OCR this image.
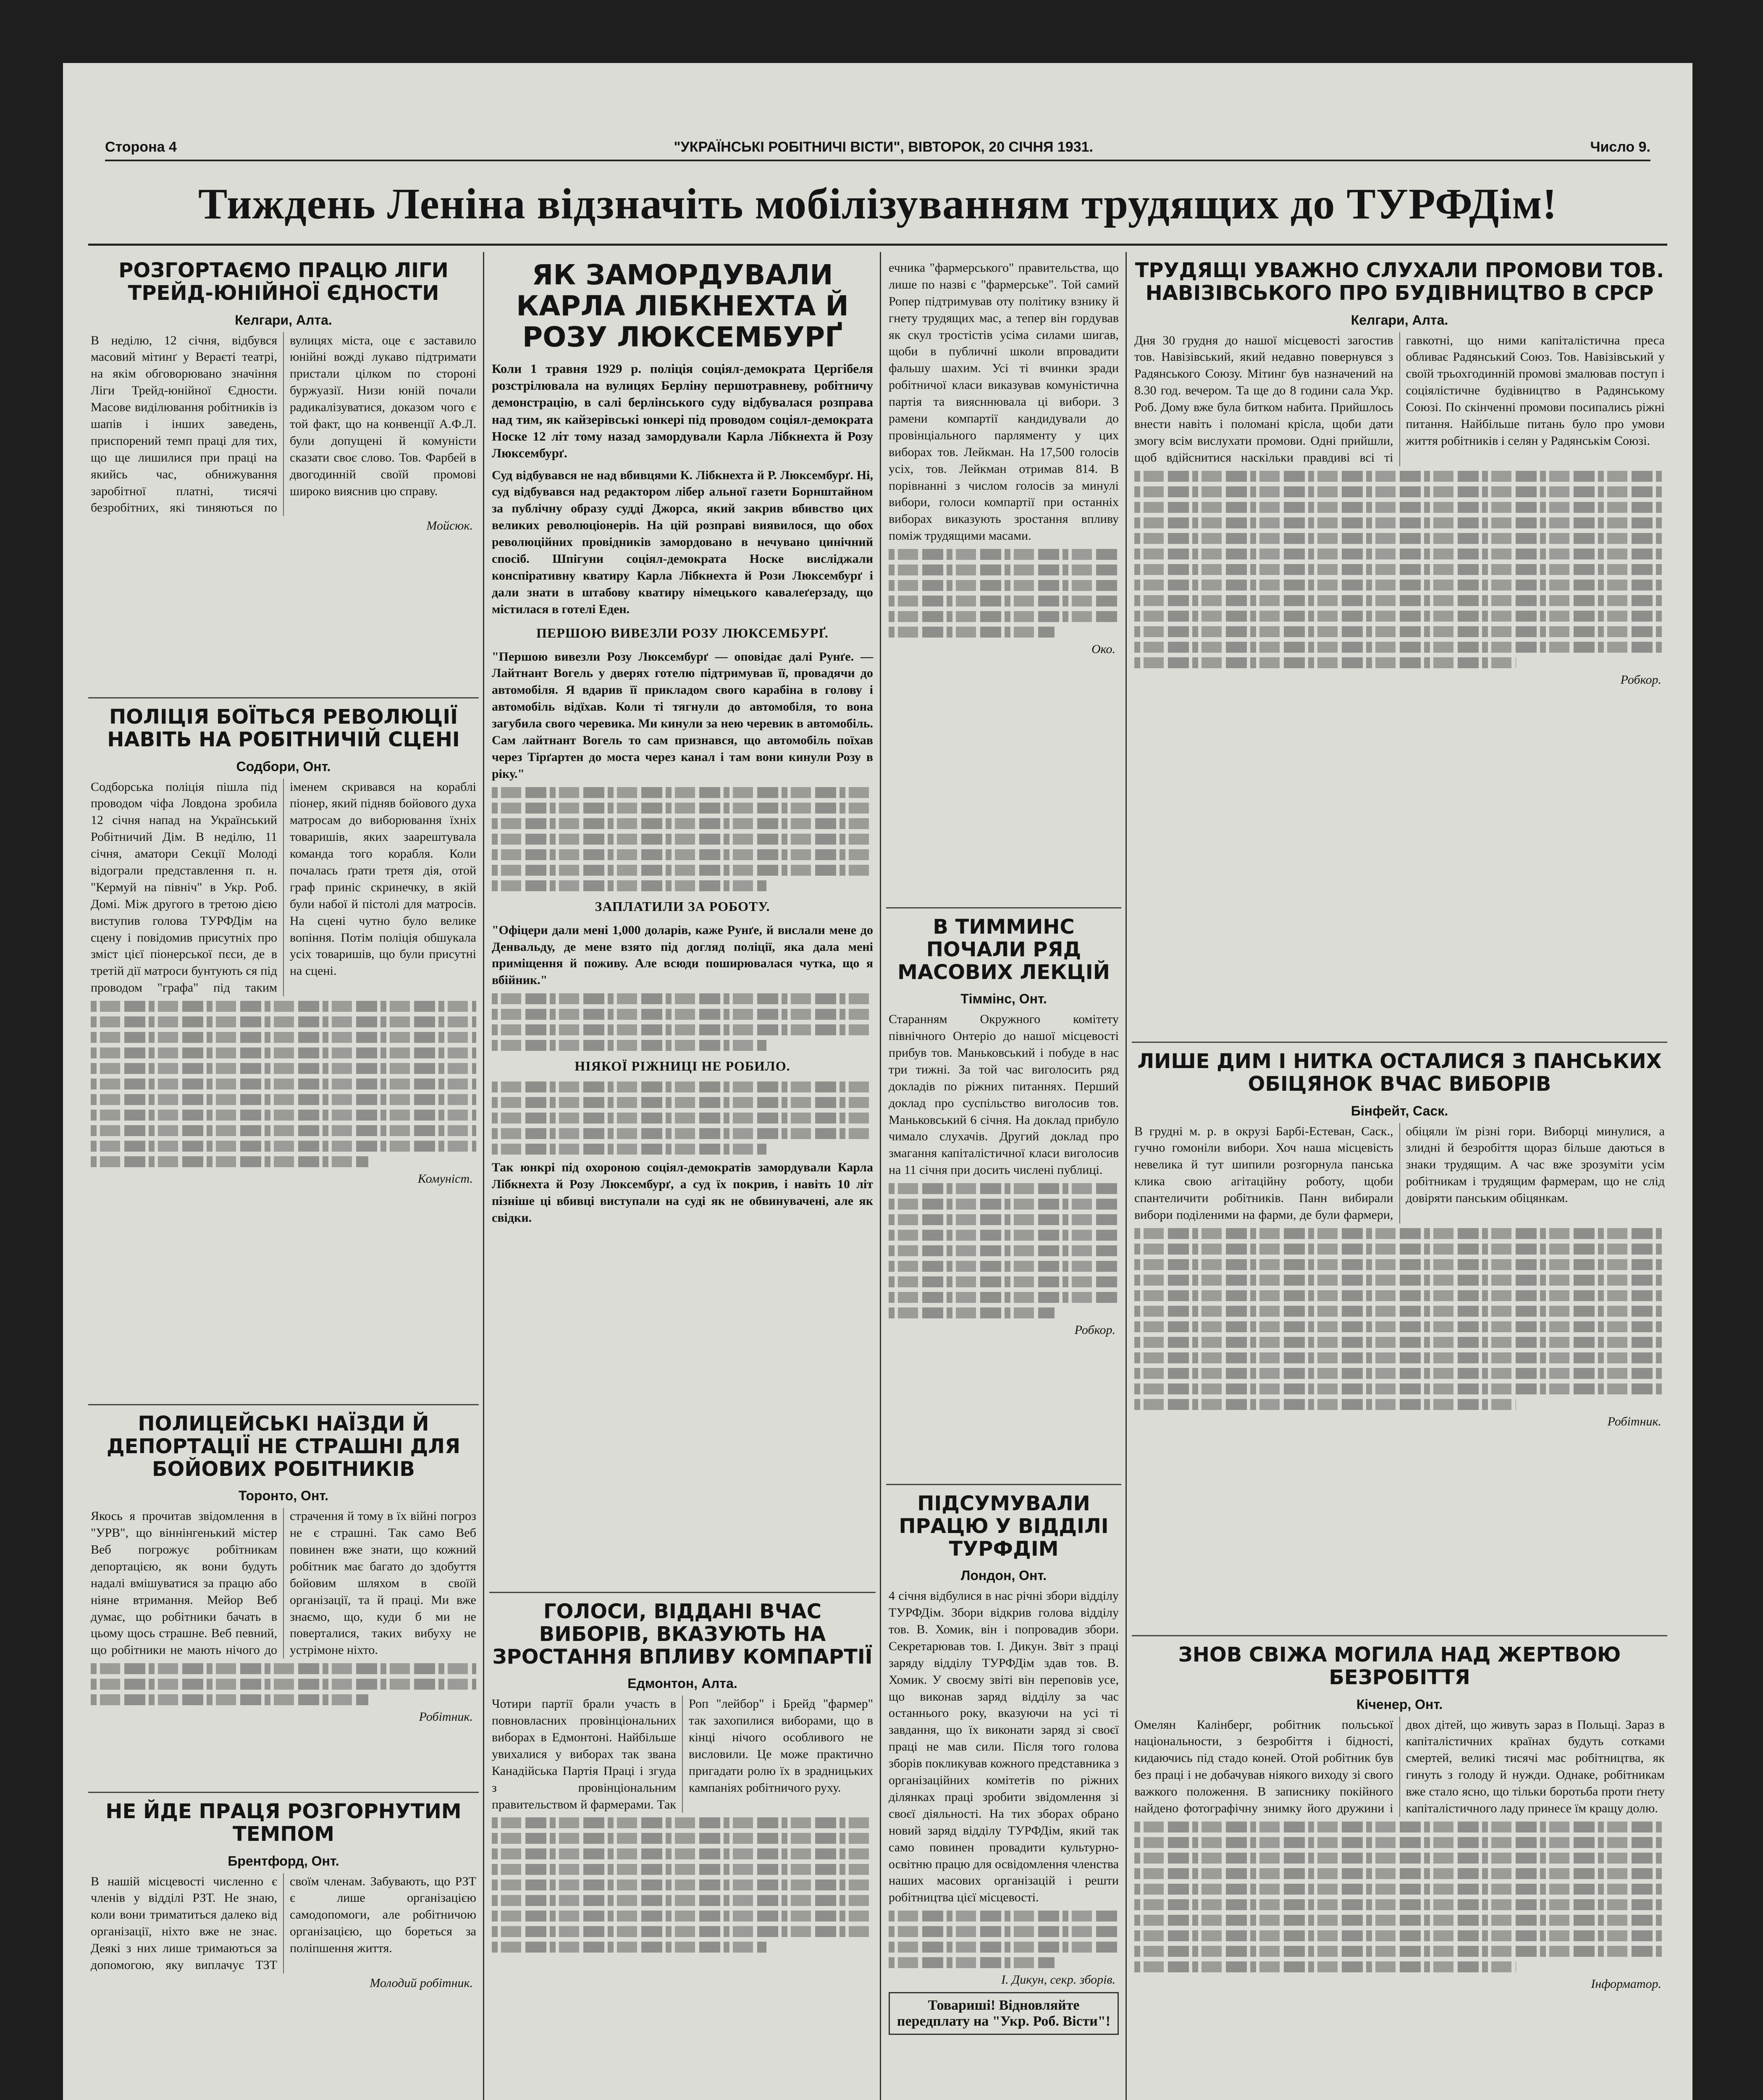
Сторона 4	"УКРАЇНСЬКІ РОБІТНИЧІ ВІСТИ", ВІВТОРОК, 20 СІЧНЯ 1931.	Число 9.
Тиждень Леніна відзначіть мобілізуванням трудящих до ТУРФДім!
РОЗГОРТАЄМО ПРАЦЮ ЛІГИ ТРЕЙД-ЮНІЙНОЇ ЄДНОСТИ
Келгари, Алта.

В неділю, 12 січня, відбувся масовий мітинґ у Вераєті театрі, на якім обговорювано значіння Ліги Трейд-юнійної Єдности. Масове виділювання робітників із шапів і інших заведень, приспорений темп праці для тих, що ще лишилися при праці на якийсь час, обнижування заробітної платні, тисячі безробітних, які тиняються по вулицях міста, оце є заставило юнійні вожді лукаво підтримати пристали цілком по стороні буржуазії. Низи юній почали радикалізуватися, доказом чого є той факт, що на конвенції А.Ф.Л. були допущені й комуністи сказати своє слово. Тов. Фарбей в двогодинній своїй промові широко вияснив цю справу.

Мойсюк.
ПОЛІЦІЯ БОЇТЬСЯ РЕВОЛЮЦІЇ НАВІТЬ НА РОБІТНИЧІЙ СЦЕНІ
Содбори, Онт.

Содборська поліція пішла під проводом чіфа Ловдона зробила 12 січня напад на Український Робітничий Дім. В неділю, 11 січня, аматори Секції Молоді відограли представлення п. н. "Кермуй на північ" в Укр. Роб. Домі. Між другого в третою дією виступив голова ТУРФДім на сцену і повідомив присутніх про зміст цієї піонерської пєси, де в третій дії матроси бунтують ся під проводом "графа" під таким іменем скривався на кораблі піонер, який підняв бойового духа матросам до виборювання їхніх товаришів, яких заарештувала команда того корабля. Коли почалась ґрати третя дія, отой граф приніс скринечку, в якій були набої й пістолі для матросів. На сцені чутно було велике вопіння. Потім поліція обшукала усіх товаришів, що були присутні на сцені.

Комуніст.
ПОЛИЦЕЙСЬКІ НАЇЗДИ Й ДЕПОРТАЦІЇ НЕ СТРАШНІ ДЛЯ БОЙОВИХ РОБІТНИКІВ
Торонто, Онт.

Якось я прочитав звідомлення в "УРВ", що віннінгенький містер Веб погрожує робітникам депортацією, як вони будуть надалі вмішуватися за працю або ніяне втримання. Мейор Веб думає, що робітники бачать в цьому щось страшне. Веб певний, що робітники не мають нічого до страчення й тому в їх війні погроз не є страшні. Так само Веб повинен вже знати, що кожний робітник має багато до здобуття бойовим шляхом в своїй організації, та й праці. Ми вже знаємо, що, куди б ми не поверталися, таких вибуху не устрімоне ніхто.

Робітник.
НЕ ЙДЕ ПРАЦЯ РОЗГОРНУТИМ ТЕМПОМ
Брентфорд, Онт.

В нашій місцевості численно є членів у відділі РЗТ. Не знаю, коли вони триматиться далеко від організації, ніхто вже не знає. Деякі з них лише тримаються за допомогою, яку виплачує ТЗТ своїм членам. Забувають, що РЗТ є лише організацією самодопомоги, але робітничою організацією, що бореться за поліпшення життя.

Молодий робітник.
ЯК ЗАМОРДУВАЛИ КАРЛА ЛІБКНЕХТА Й РОЗУ ЛЮКСЕМБУРҐ

Коли 1 травня 1929 р. поліція соціял-демократа Цергібеля розстрілювала на вулицях Берліну першотравневу, робітничу демонстрацію, в салі берлінського суду відбувалася розправа над тим, як кайзерівські юнкері під проводом соціял-демократа Носке 12 літ тому назад замордували Карла Лібкнехта й Розу Люксембурґ.

Суд відбувався не над вбивцями К. Лібкнехта й Р. Люксембурґ. Ні, суд відбувався над редактором лібер альної газети Борнштайном за публічну образу судді Джорса, який закрив вбивство цих великих революціонерів. На цій розправі виявилося, що обох революційних провідників замордовано в нечувано цинічний спосіб. Шпігуни соціял-демократа Носке висліджали конспіративну кватиру Карла Лібкнехта й Рози Люксембурґ і дали знати в штабову кватиру німецького кавалеґерзаду, що містилася в готелі Еден.

ПЕРШОЮ ВИВЕЗЛИ РОЗУ ЛЮКСЕМБУРҐ.

"Першою вивезли Розу Люксембурґ — оповідає далі Рунґе. — Лайтнант Вогель у дверях готелю підтримував її, провадячи до автомобіля. Я вдарив її прикладом свого карабіна в голову і автомобіль відїхав. Коли ті тягнули до автомобіля, то вона загубила свого черевика. Ми кинули за нею черевик в автомобіль. Сам лайтнант Вогель то сам признався, що автомобіль поїхав через Тірґартен до моста через канал і там вони кинули Розу в ріку."

ЗАПЛАТИЛИ ЗА РОБОТУ.

"Офіцери дали мені 1,000 доларів, каже Рунґе, й вислали мене до Денвальду, де мене взято під догляд поліції, яка дала мені приміщення й поживу. Але всюди поширювалася чутка, що я вбійник."

НІЯКОЇ РІЖНИЦІ НЕ РОБИЛО.

Так юнкрі під охороною соціял-демократів замордували Карла Лібкнехта й Розу Люксембурґ, а суд їх покрив, і навіть 10 літ пізніше ці вбивці виступали на суді як не обвинувачені, але як свідки.

ГОЛОСИ, ВІДДАНІ ВЧАС ВИБОРІВ, ВКАЗУЮТЬ НА ЗРОСТАННЯ ВПЛИВУ КОМПАРТІЇ
Едмонтон, Алта.

Чотири партії брали участь в повновласних провінціональних виборах в Едмонтоні. Найбільше увихалися у виборах так звана Канадійська Партія Праці і згуда з провінціональним правительством й фармерами. Так Роп "лейбор" і Брейд "фармер" так захопилися виборами, що в кінці нічого особливого не висловили. Це може практично пригадати ролю їх в зрадницьких кампаніях робітничого руху.

ечника "фармерського" правительства, що лише по назві є "фармерське". Той самий Ропер підтримував оту політику взнику й гнету трудящих мас, а тепер він гордував як скул тростістів усіма силами шигав, щоби в публичні школи впровадити фальшу шахим. Усі ті вчинки зради робітничої класи виказував комуністична партія та виясннювала ці вибори. 3 рамени компартії кандидували до провінціального парляменту у цих виборах тов. Лейкман. На 17,500 голосів усіх, тов. Лейкман отримав 814. В порівнанні з числом голосів за минулі вибори, голоси компартії при останніх виборах виказують зростання впливу поміж трудящими масами.

Око.
В ТИММИНС ПОЧАЛИ РЯД МАСОВИХ ЛЕКЦІЙ
Тіммінс, Онт.

Старанням Окружного комітету північного Онтеріо до нашої місцевості прибув тов. Маньковський і побуде в нас три тижні. За той час виголосить ряд докладів по ріжних питаннях. Перший доклад про суспільство виголосив тов. Маньковський 6 січня. На доклад прибуло чимало слухачів. Другий доклад про змагання капіталістичної класи виголосив на 11 січня при досить числені публиці.

Робкор.
ПІДСУМУВАЛИ ПРАЦЮ У ВІДДІЛІ ТУРФДІМ
Лондон, Онт.

4 січня відбулися в нас річні збори відділу ТУРФДім. Збори відкрив голова відділу тов. В. Хомик, він і попровадив збори. Секретарював тов. І. Дикун. Звіт з праці заряду відділу ТУРФДім здав тов. В. Хомик. У своєму звіті він переповів усе, що виконав заряд відділу за час останнього року, вказуючи на усі ті завдання, що їх виконати заряд зі своєї праці не мав сили. Після того голова зборів покликував кожного представника з організаційних комітетів по ріжних ділянках праці зробити звідомлення зі своєї діяльності. На тих зборах обрано новий заряд відділу ТУРФДім, який так само повинен провадити культурно-освітню працю для освідомлення членства наших масових організацій і решти робітництва цієї місцевості.

І. Дикун, секр. зборів.
Товариші! Відновляйте передплату на "Укр. Роб. Вісти"!
ТРУДЯЩІ УВАЖНО СЛУХАЛИ ПРОМОВИ ТОВ. НАВІЗІВСЬКОГО ПРО БУДІВНИЦТВО В СРСР
Келгари, Алта.

Дня 30 грудня до нашої місцевості загостив тов. Навізівський, який недавно повернувся з Радянського Союзу. Мітинг був назначений на 8.30 год. вечером. Та ще до 8 години сала Укр. Роб. Дому вже була битком набита. Прийшлось внести навіть і поломані крісла, щоби дати змогу всім вислухати промови. Одні прийшли, щоб вдійснитися наскільки правдиві всі ті гавкотні, що ними капіталістична преса обливає Радянський Союз. Тов. Навізівський у своїй трьохгодинній промові змалював поступ і соціялістичне будівництво в Радянському Союзі. По скінченні промови посипались ріжні питання. Найбільше питань було про умови життя робітників і селян у Радянськім Союзі.

Робкор.
ЛИШЕ ДИМ І НИТКА ОСТАЛИСЯ З ПАНСЬКИХ ОБІЦЯНОК ВЧАС ВИБОРІВ
Бінфейт, Саск.

В грудні м. р. в окрузі Барбі-Естеван, Саск., гучно гомоніли вибори. Хоч наша місцевість невелика й тут шипили розгорнула панська клика свою агітаційну роботу, щоби спантеличити робітників. Панн вибирали вибори поділеними на фарми, де були фармери, обіцяли їм різні гори. Виборці минулися, а злидні й безробіття щораз більше даються в знаки трудящим. А час вже зрозуміти усім робітникам і трудящим фармерам, що не слід довіряти панським обіцянкам.

Робітник.
ЗНОВ СВІЖА МОГИЛА НАД ЖЕРТВОЮ БЕЗРОБІТТЯ
Кіченер, Онт.

Омелян Калінберг, робітник польської національности, з безробіття і бідності, кидаючись під стадо коней. Отой робітник був без праці і не добачував ніякого виходу зі свого важкого положення. В записнику покійного найдено фотографічну знимку його дружини і двох дітей, що живуть зараз в Польщі. Зараз в капіталістичних країнах будуть сотками смертей, великі тисячі мас робітництва, як гинуть з голоду й нужди. Однаке, робітникам вже стало ясно, що тільки боротьба проти ґнету капіталістичного ладу принесе їм кращу долю.

Інформатор.
